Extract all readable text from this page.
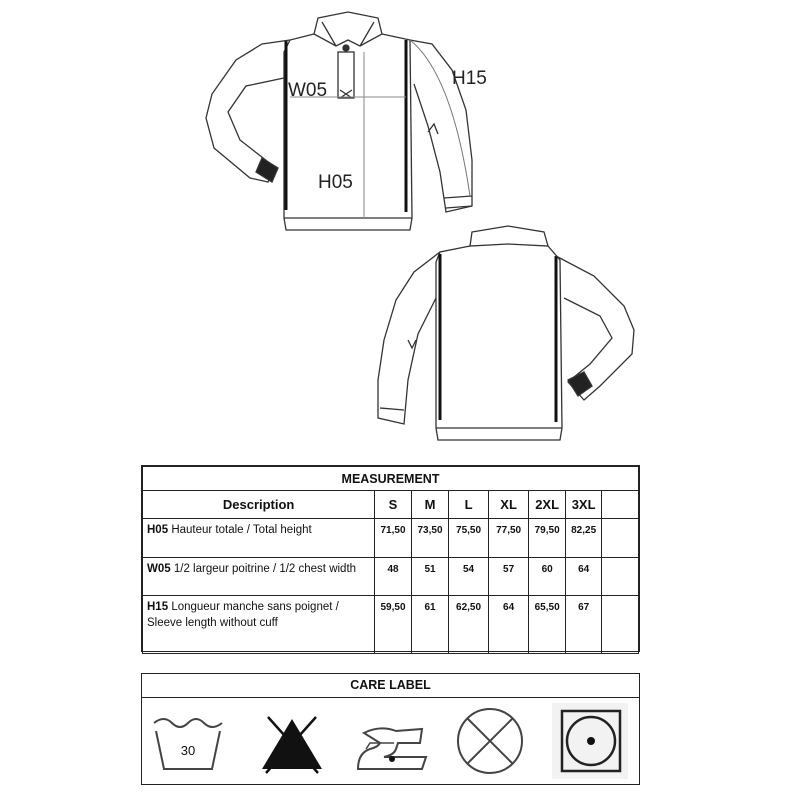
W05
H05
H15
MEASUREMENT							
Description	S	M	L	XL	2XL	3XL	
H05 Hauteur totale / Total height	71,50	73,50	75,50	77,50	79,50	82,25	
W05 1/2 largeur poitrine / 1/2 chest width	48	51	54	57	60	64	
H15 Longueur manche sans poignet / Sleeve length without cuff	59,50	61	62,50	64	65,50	67	
CARE LABEL
30
